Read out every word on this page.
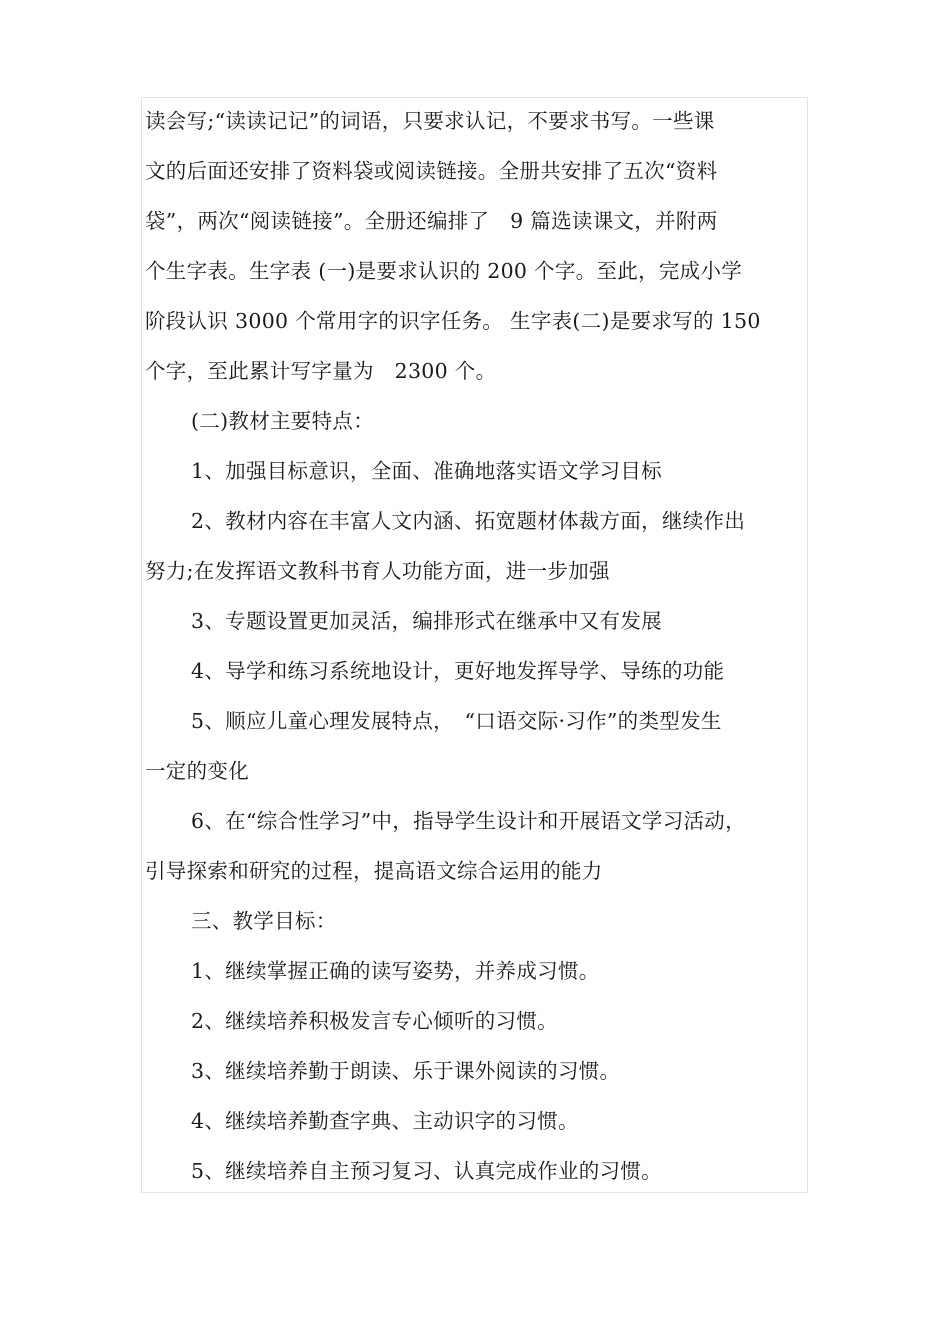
读会写;“读读记记”的词语，只要求认记，不要求书写。一些课
文的后面还安排了资料袋或阅读链接。全册共安排了五次“资料
袋”，两次“阅读链接”。全册还编排了　9 篇选读课文，并附两
个生字表。生字表 (一)是要求认识的 200 个字。至此，完成小学
阶段认识 3000 个常用字的识字任务。 生字表(二)是要求写的 150
个字，至此累计写字量为　2300 个。
(二)教材主要特点：
1、加强目标意识，全面、准确地落实语文学习目标
2、教材内容在丰富人文内涵、拓宽题材体裁方面，继续作出
努力;在发挥语文教科书育人功能方面，进一步加强
3、专题设置更加灵活，编排形式在继承中又有发展
4、导学和练习系统地设计，更好地发挥导学、导练的功能
5、顺应儿童心理发展特点，　“口语交际·习作”的类型发生
一定的变化
6、在“综合性学习”中，指导学生设计和开展语文学习活动，
引导探索和研究的过程，提高语文综合运用的能力
三、教学目标：
1、继续掌握正确的读写姿势，并养成习惯。
2、继续培养积极发言专心倾听的习惯。
3、继续培养勤于朗读、乐于课外阅读的习惯。
4、继续培养勤查字典、主动识字的习惯。
5、继续培养自主预习复习、认真完成作业的习惯。
